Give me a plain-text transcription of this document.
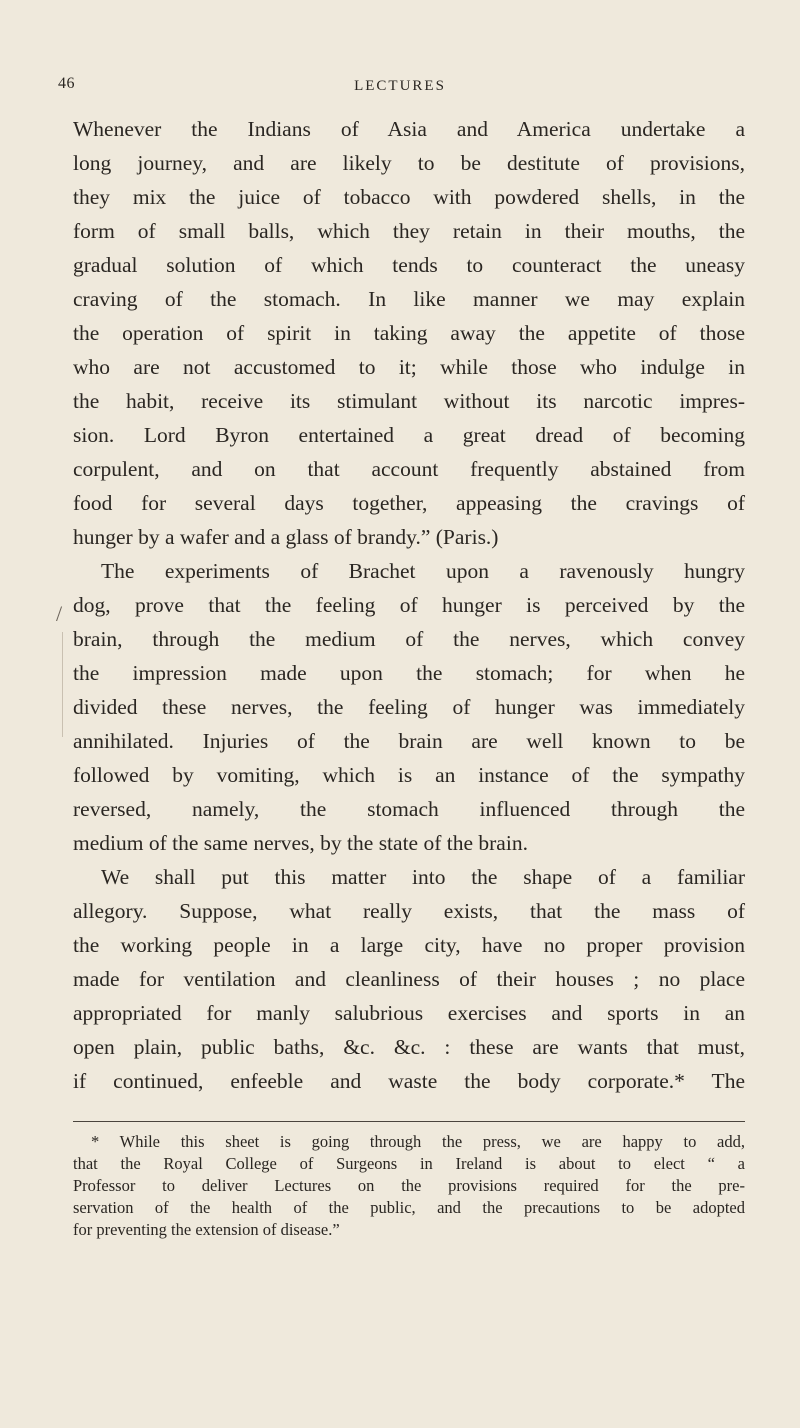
46	LECTURES
/
Whenever the Indians of Asia and America undertake a
long journey, and are likely to be destitute of provisions,
they mix the juice of tobacco with powdered shells, in the
form of small balls, which they retain in their mouths, the
gradual solution of which tends to counteract the uneasy
craving of the stomach. In like manner we may explain
the operation of spirit in taking away the appetite of those
who are not accustomed to it; while those who indulge in
the habit, receive its stimulant without its narcotic impres-
sion. Lord Byron entertained a great dread of becoming
corpulent, and on that account frequently abstained from
food for several days together, appeasing the cravings of
hunger by a wafer and a glass of brandy.” (Paris.)
The experiments of Brachet upon a ravenously hungry
dog, prove that the feeling of hunger is perceived by the
brain, through the medium of the nerves, which convey
the impression made upon the stomach; for when he
divided these nerves, the feeling of hunger was immediately
annihilated. Injuries of the brain are well known to be
followed by vomiting, which is an instance of the sympathy
reversed, namely, the stomach influenced through the
medium of the same nerves, by the state of the brain.
We shall put this matter into the shape of a familiar
allegory. Suppose, what really exists, that the mass of
the working people in a large city, have no proper provision
made for ventilation and cleanliness of their houses ; no place
appropriated for manly salubrious exercises and sports in an
open plain, public baths, &c. &c. : these are wants that must,
if continued, enfeeble and waste the body corporate.* The
* While this sheet is going through the press, we are happy to add,
that the Royal College of Surgeons in Ireland is about to elect “ a
Professor to deliver Lectures on the provisions required for the pre-
servation of the health of the public, and the precautions to be adopted
for preventing the extension of disease.”
